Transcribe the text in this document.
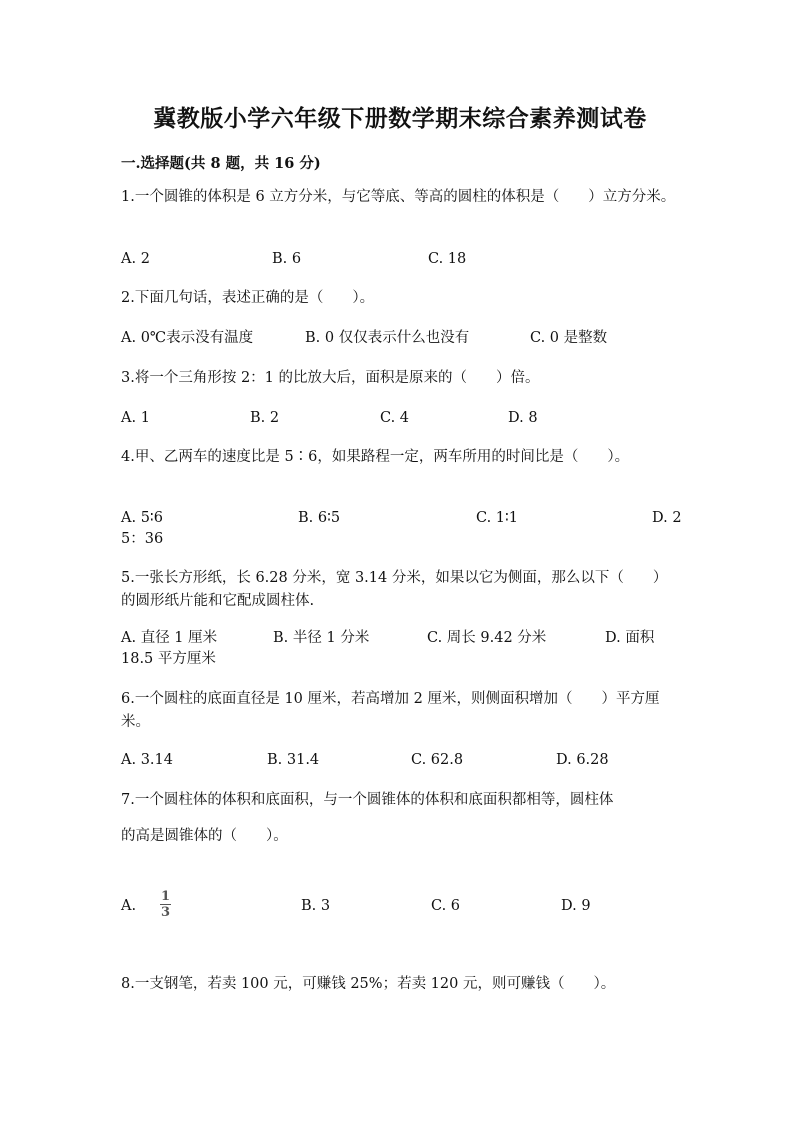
冀教版小学六年级下册数学期末综合素养测试卷
一.选择题(共 8 题，共 16 分)
1.一个圆锥的体积是 6 立方分米，与它等底、等高的圆柱的体积是（　　）立方分米。
A. 2	B. 6	C. 18
2.下面几句话，表述正确的是（　　）。
A. 0℃表示没有温度	B. 0 仅仅表示什么也没有	C. 0 是整数
3.将一个三角形按 2：1 的比放大后，面积是原来的（　　）倍。
A. 1	B. 2	C. 4	D. 8
4.甲、乙两车的速度比是 5∶6，如果路程一定，两车所用的时间比是（　　）。
A. 5∶6	B. 6∶5	C. 1∶1	D. 2
5：36
5.一张长方形纸，长 6.28 分米，宽 3.14 分米，如果以它为侧面，那么以下（　　）的圆形纸片能和它配成圆柱体.
A. 直径 1 厘米	B. 半径 1 分米	C. 周长 9.42 分米	D. 面积
18.5 平方厘米
6.一个圆柱的底面直径是 10 厘米，若高增加 2 厘米，则侧面积增加（　　）平方厘米。
A. 3.14	B. 31.4	C. 62.8	D. 6.28
7.一个圆柱体的体积和底面积，与一个圆锥体的体积和底面积都相等，圆柱体
的高是圆锥体的（　　）。
A. $\frac{1}{3}$	B. 3	C. 6	D. 9
8.一支钢笔，若卖 100 元，可赚钱 25%；若卖 120 元，则可赚钱（　　）。
